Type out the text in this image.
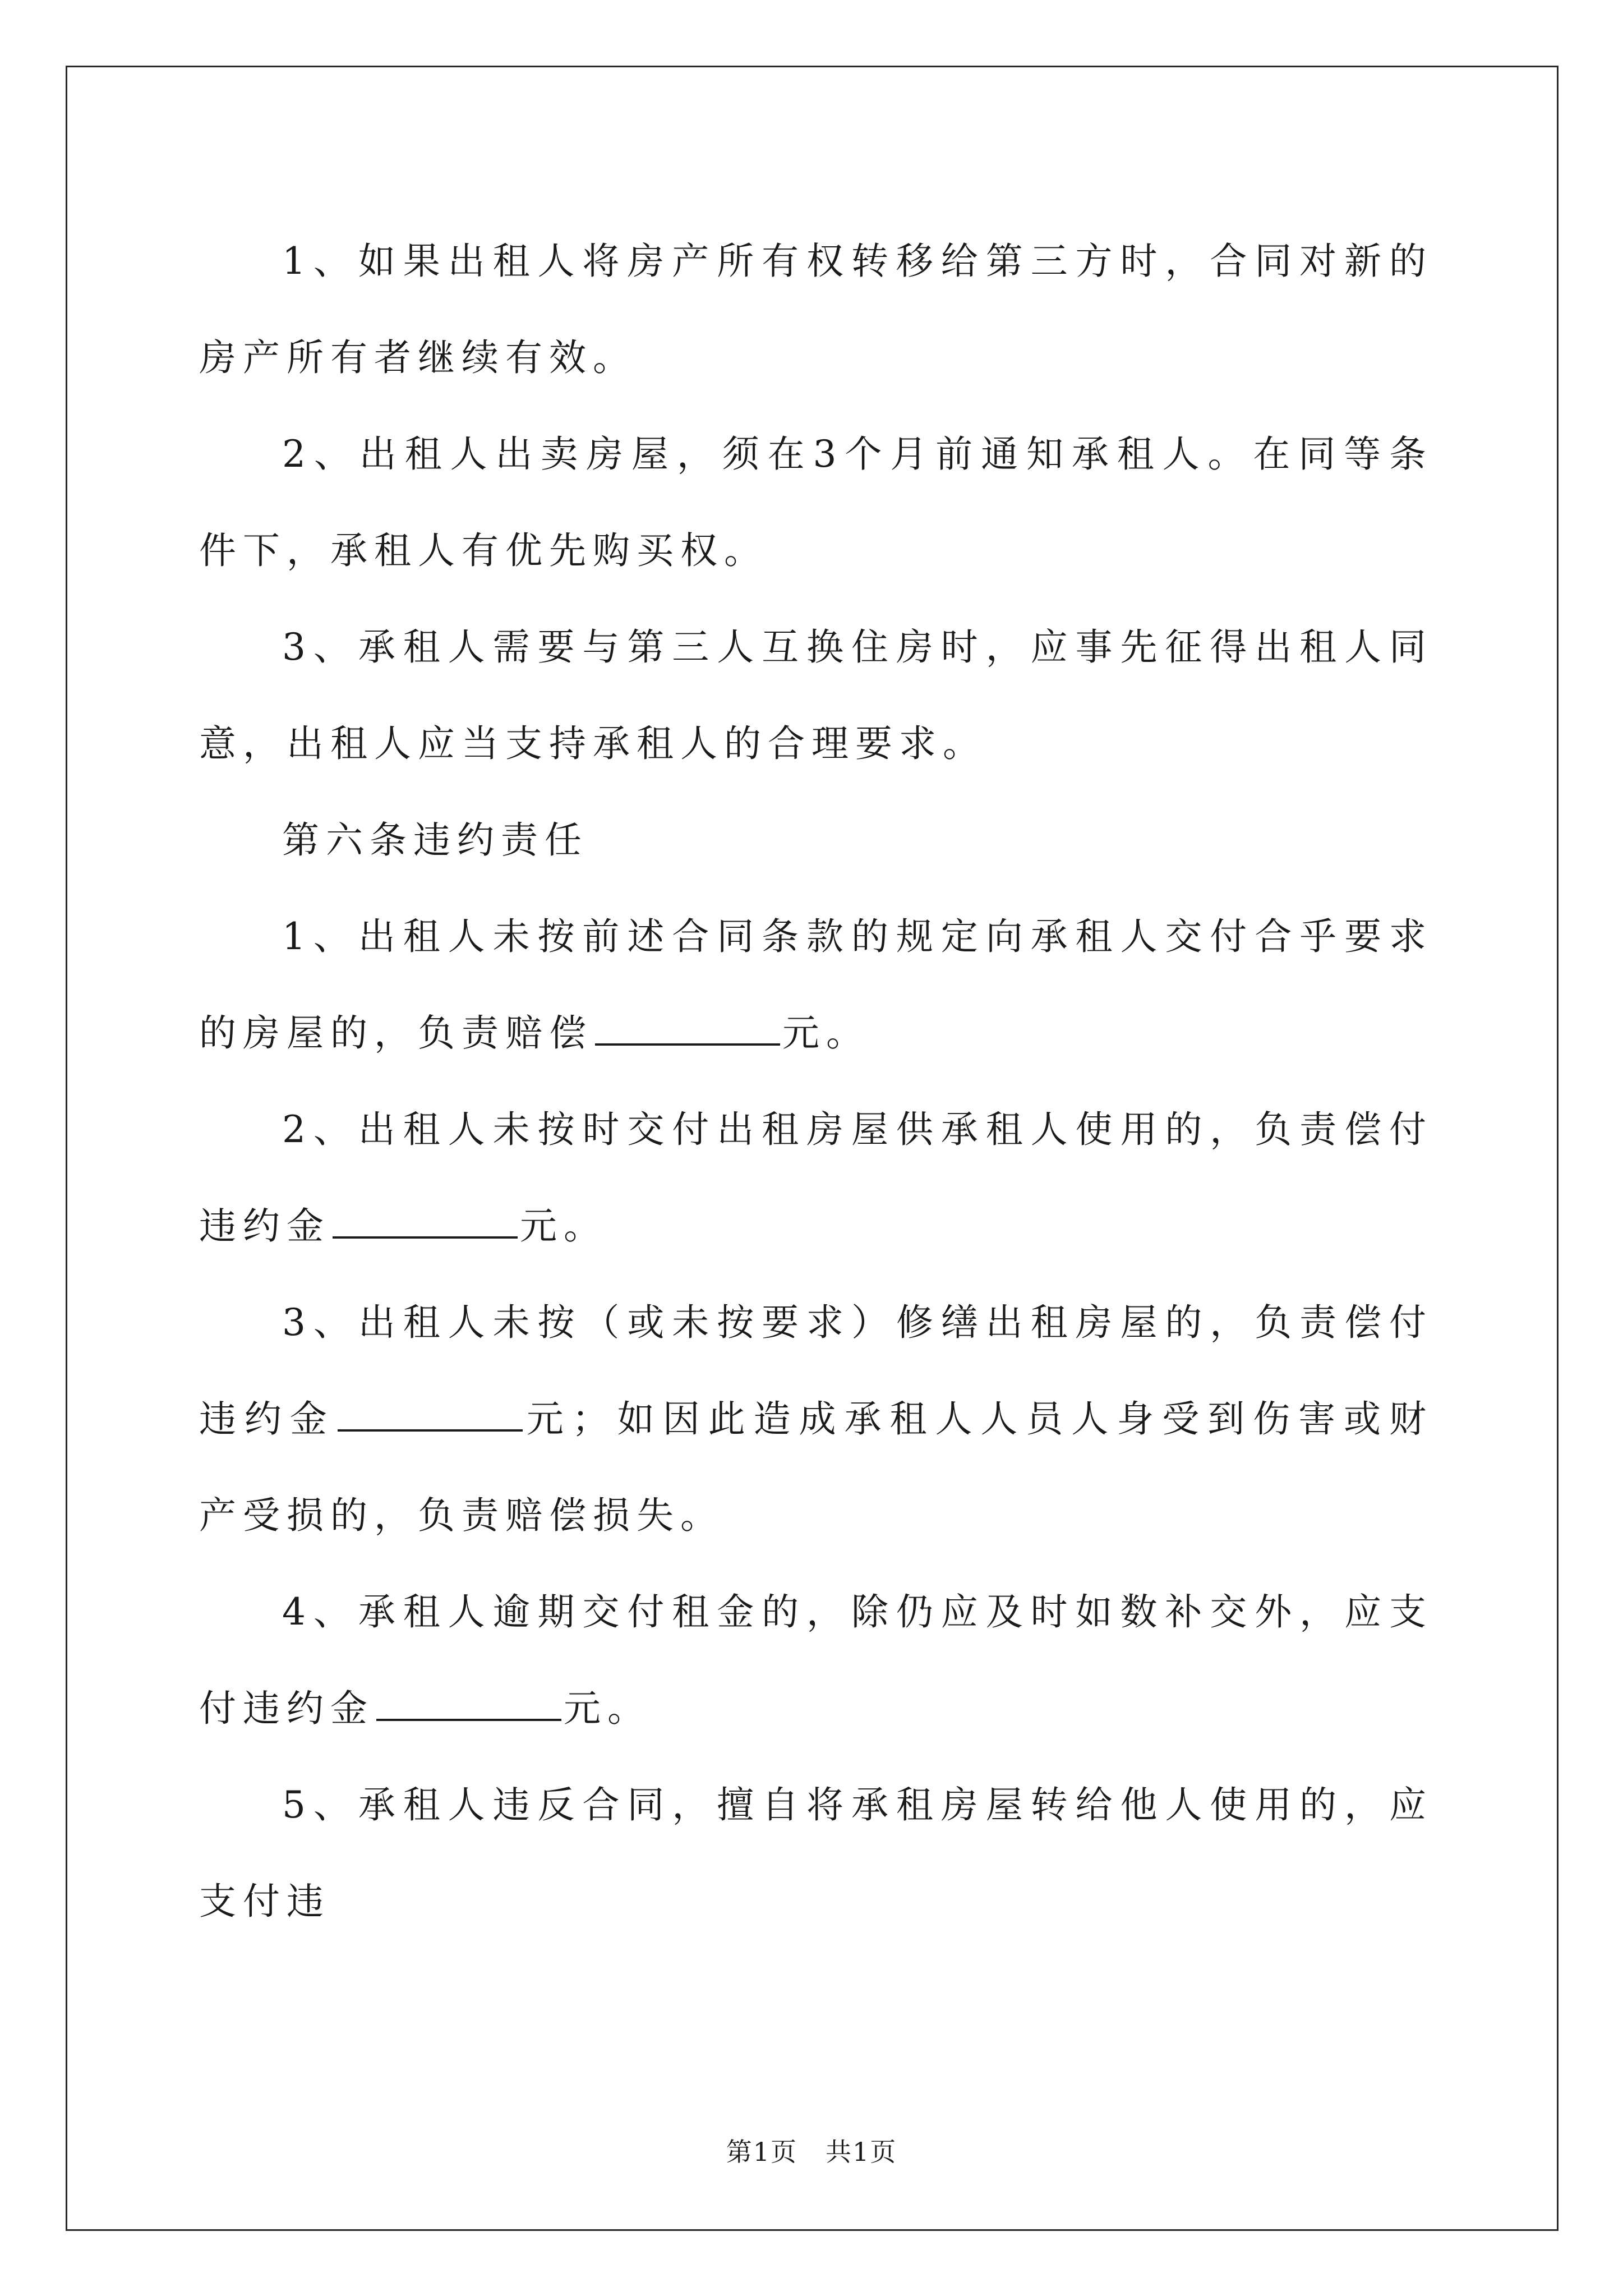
1、如果出租人将房产所有权转移给第三方时，合同对新的房产所有者继续有效。

2、出租人出卖房屋，须在3个月前通知承租人。在同等条件下，承租人有优先购买权。

3、承租人需要与第三人互换住房时，应事先征得出租人同意，出租人应当支持承租人的合理要求。

第六条违约责任

1、出租人未按前述合同条款的规定向承租人交付合乎要求的房屋的，负责赔偿	元。

2、出租人未按时交付出租房屋供承租人使用的，负责偿付违约金	元。

3、出租人未按（或未按要求）修缮出租房屋的，负责偿付违约金	元；如因此造成承租人人员人身受到伤害或财产受损的，负责赔偿损失。

4、承租人逾期交付租金的，除仍应及时如数补交外，应支付违约金	元。

5、承租人违反合同，擅自将承租房屋转给他人使用的，应支付违

第1页 共1页
